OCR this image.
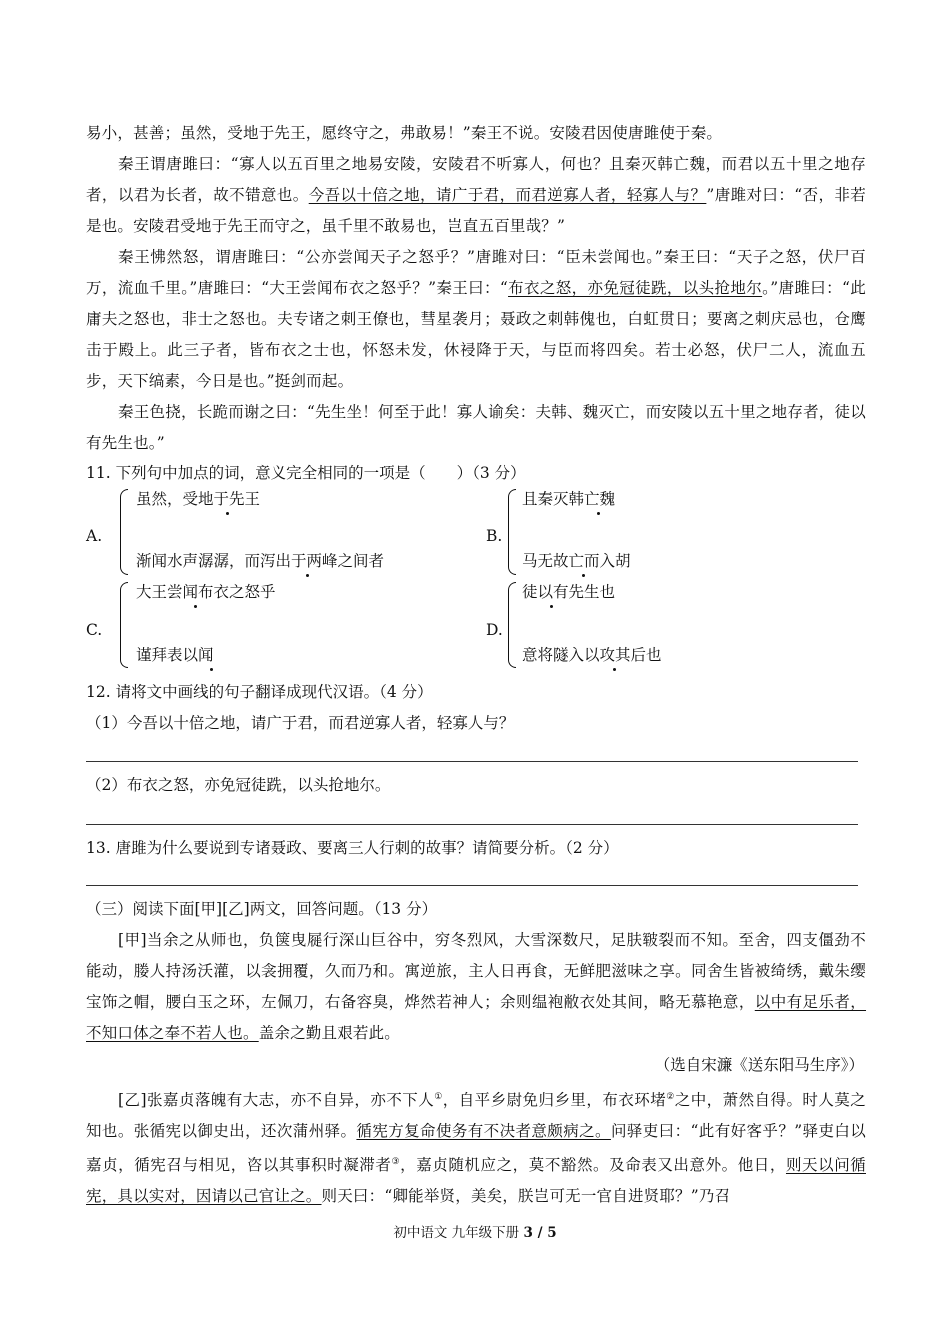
易小，甚善；虽然，受地于先王，愿终守之，弗敢易！”秦王不说。安陵君因使唐雎使于秦。

秦王谓唐雎曰：“寡人以五百里之地易安陵，安陵君不听寡人，何也？且秦灭韩亡魏，而君以五十里之地存者，以君为长者，故不错意也。今吾以十倍之地，请广于君，而君逆寡人者，轻寡人与？”唐雎对曰：“否，非若是也。安陵君受地于先王而守之，虽千里不敢易也，岂直五百里哉？”

秦王怫然怒，谓唐雎曰：“公亦尝闻天子之怒乎？”唐雎对曰：“臣未尝闻也。”秦王曰：“天子之怒，伏尸百万，流血千里。”唐雎曰：“大王尝闻布衣之怒乎？”秦王曰：“布衣之怒，亦免冠徒跣，以头抢地尔。”唐雎曰：“此庸夫之怒也，非士之怒也。夫专诸之刺王僚也，彗星袭月；聂政之刺韩傀也，白虹贯日；要离之刺庆忌也，仓鹰击于殿上。此三子者，皆布衣之士也，怀怒未发，休祲降于天，与臣而将四矣。若士必怒，伏尸二人，流血五步，天下缟素，今日是也。”挺剑而起。

秦王色挠，长跪而谢之曰：“先生坐！何至于此！寡人谕矣：夫韩、魏灭亡，而安陵以五十里之地存者，徒以有先生也。”

11. 下列句中加点的词，意义完全相同的一项是（　　）（3 分）

A.
虽然，受地于先王
渐闻水声潺潺，而泻出于两峰之间者
B.
且秦灭韩亡魏
马无故亡而入胡
C.
大王尝闻布衣之怒乎
谨拜表以闻
D.
徒以有先生也
意将隧入以攻其后也

12. 请将文中画线的句子翻译成现代汉语。（4 分）

（1）今吾以十倍之地，请广于君，而君逆寡人者，轻寡人与？

（2）布衣之怒，亦免冠徒跣，以头抢地尔。

13. 唐雎为什么要说到专诸聂政、要离三人行刺的故事？请简要分析。（2 分）

（三）阅读下面[甲][乙]两文，回答问题。（13 分）

[甲]当余之从师也，负箧曳屣行深山巨谷中，穷冬烈风，大雪深数尺，足肤皲裂而不知。至舍，四支僵劲不能动，媵人持汤沃灌，以衾拥覆，久而乃和。寓逆旅，主人日再食，无鲜肥滋味之享。同舍生皆被绮绣，戴朱缨宝饰之帽，腰白玉之环，左佩刀，右备容臭，烨然若神人；余则缊袍敝衣处其间，略无慕艳意，以中有足乐者，不知口体之奉不若人也。盖余之勤且艰若此。

（选自宋濂《送东阳马生序》）

[乙]张嘉贞落魄有大志，亦不自异，亦不下人①，自平乡尉免归乡里，布衣环堵②之中，萧然自得。时人莫之知也。张循宪以御史出，还次蒲州驿。循宪方复命使务有不决者意颇病之。问驿吏曰：“此有好客乎？”驿吏白以嘉贞，循宪召与相见，咨以其事积时凝滞者③，嘉贞随机应之，莫不豁然。及命表又出意外。他日，则天以问循宪，具以实对，因请以己官让之。则天曰：“卿能举贤，美矣，朕岂可无一官自进贤耶？”乃召

初中语文 九年级下册 3 / 5
